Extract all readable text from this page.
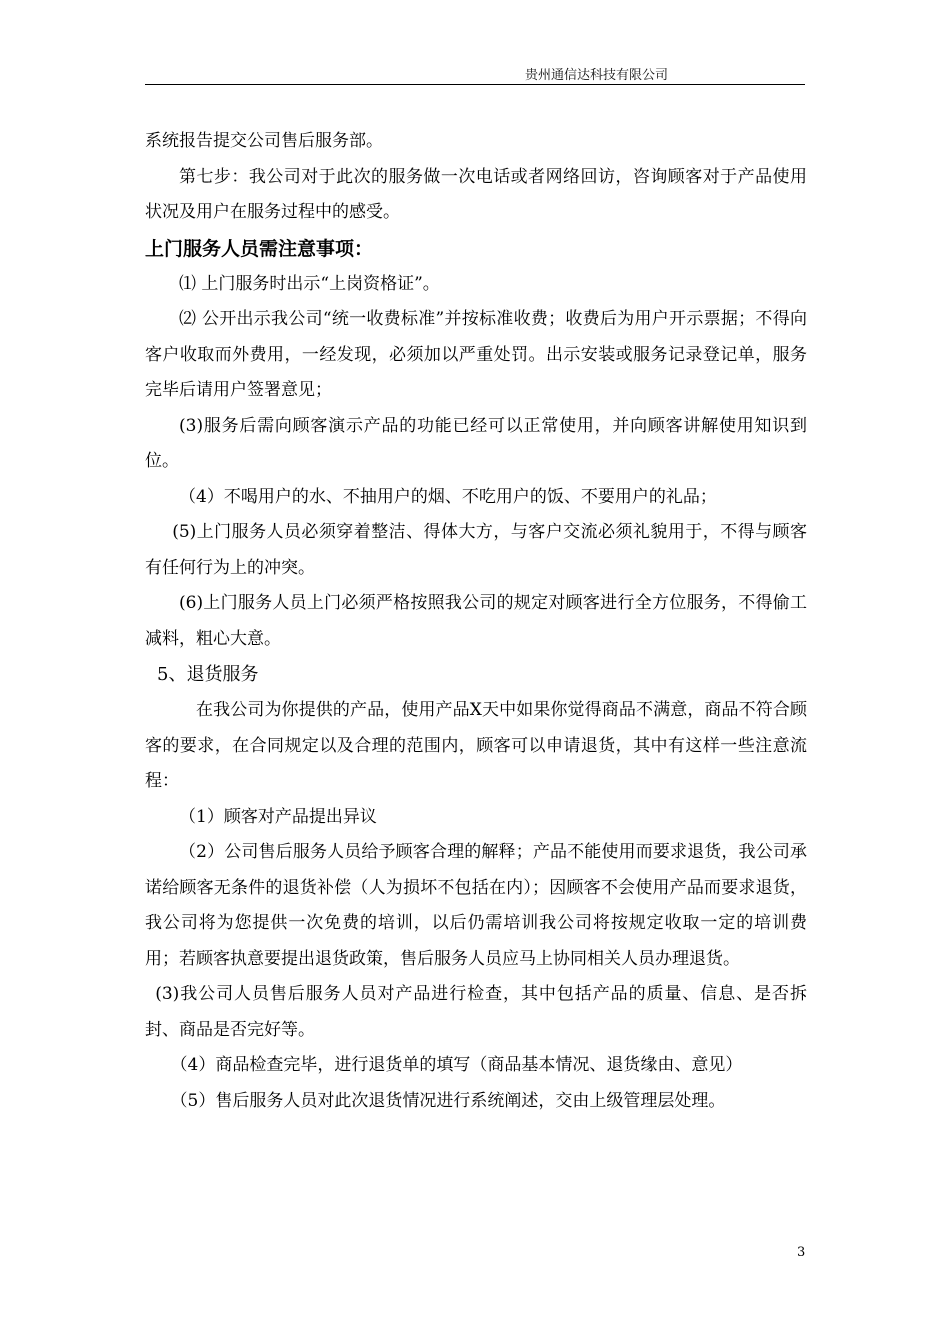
贵州通信达科技有限公司

系统报告提交公司售后服务部。

第七步：我公司对于此次的服务做一次电话或者网络回访，咨询顾客对于产品使用状况及用户在服务过程中的感受。

上门服务人员需注意事项：

⑴ 上门服务时出示“上岗资格证”。

⑵ 公开出示我公司“统一收费标准”并按标准收费；收费后为用户开示票据；不得向客户收取而外费用，一经发现，必须加以严重处罚。出示安装或服务记录登记单，服务完毕后请用户签署意见；

(3)服务后需向顾客演示产品的功能已经可以正常使用，并向顾客讲解使用知识到位。

（4）不喝用户的水、不抽用户的烟、不吃用户的饭、不要用户的礼品；

(5)上门服务人员必须穿着整洁、得体大方，与客户交流必须礼貌用于，不得与顾客有任何行为上的冲突。

(6)上门服务人员上门必须严格按照我公司的规定对顾客进行全方位服务，不得偷工减料，粗心大意。

5、退货服务

在我公司为你提供的产品，使用产品X天中如果你觉得商品不满意，商品不符合顾客的要求，在合同规定以及合理的范围内，顾客可以申请退货，其中有这样一些注意流程：

（1）顾客对产品提出异议

（2）公司售后服务人员给予顾客合理的解释；产品不能使用而要求退货，我公司承诺给顾客无条件的退货补偿（人为损坏不包括在内）；因顾客不会使用产品而要求退货，我公司将为您提供一次免费的培训，以后仍需培训我公司将按规定收取一定的培训费用；若顾客执意要提出退货政策，售后服务人员应马上协同相关人员办理退货。

(3)我公司人员售后服务人员对产品进行检查，其中包括产品的质量、信息、是否拆封、商品是否完好等。

（4）商品检查完毕，进行退货单的填写（商品基本情况、退货缘由、意见）

（5）售后服务人员对此次退货情况进行系统阐述，交由上级管理层处理。

3
